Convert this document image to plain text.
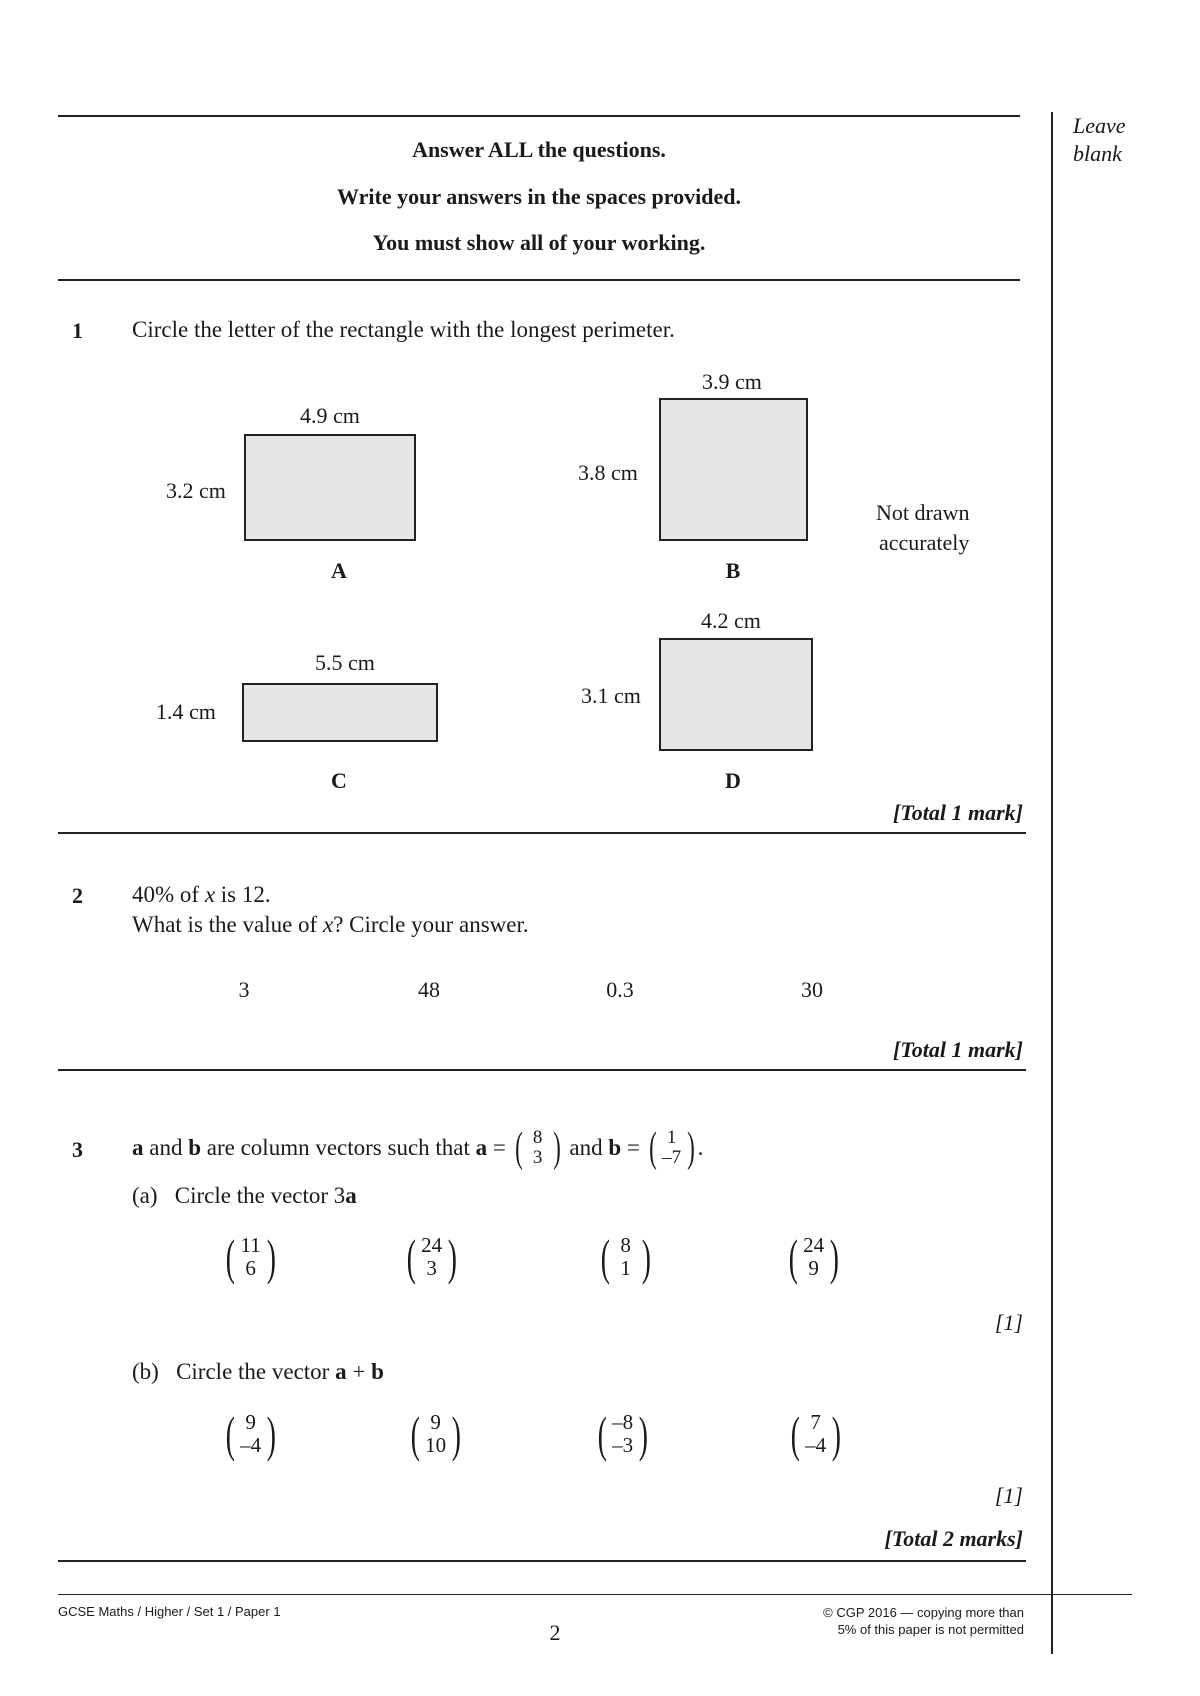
Leave
blank
Answer ALL the questions.
Write your answers in the spaces provided.
You must show all of your working.
1 Circle the letter of the rectangle with the longest perimeter.
4.9 cm
3.2 cm
A
3.9 cm
3.8 cm
B
Not drawn
accurately
5.5 cm
1.4 cm
C
4.2 cm
3.1 cm
D
[Total 1 mark]
2 40% of x is 12.
What is the value of x? Circle your answer.
3	48	0.3	30
[Total 1 mark]
3 a and b are column vectors such that a = ( 8
3 ) and b = ( 1
–7 ) .
(a) Circle the vector 3a
( 11
6 )	( 24
3 )	( 8
1 )	( 24
9 )
[1]
(b) Circle the vector a + b
( 9
–4 )	( 9
10 )	( –8
–3 )	( 7
–4 )
[1]
[Total 2 marks]
GCSE Maths / Higher / Set 1 / Paper 1
2
© CGP 2016 — copying more than
5% of this paper is not permitted
